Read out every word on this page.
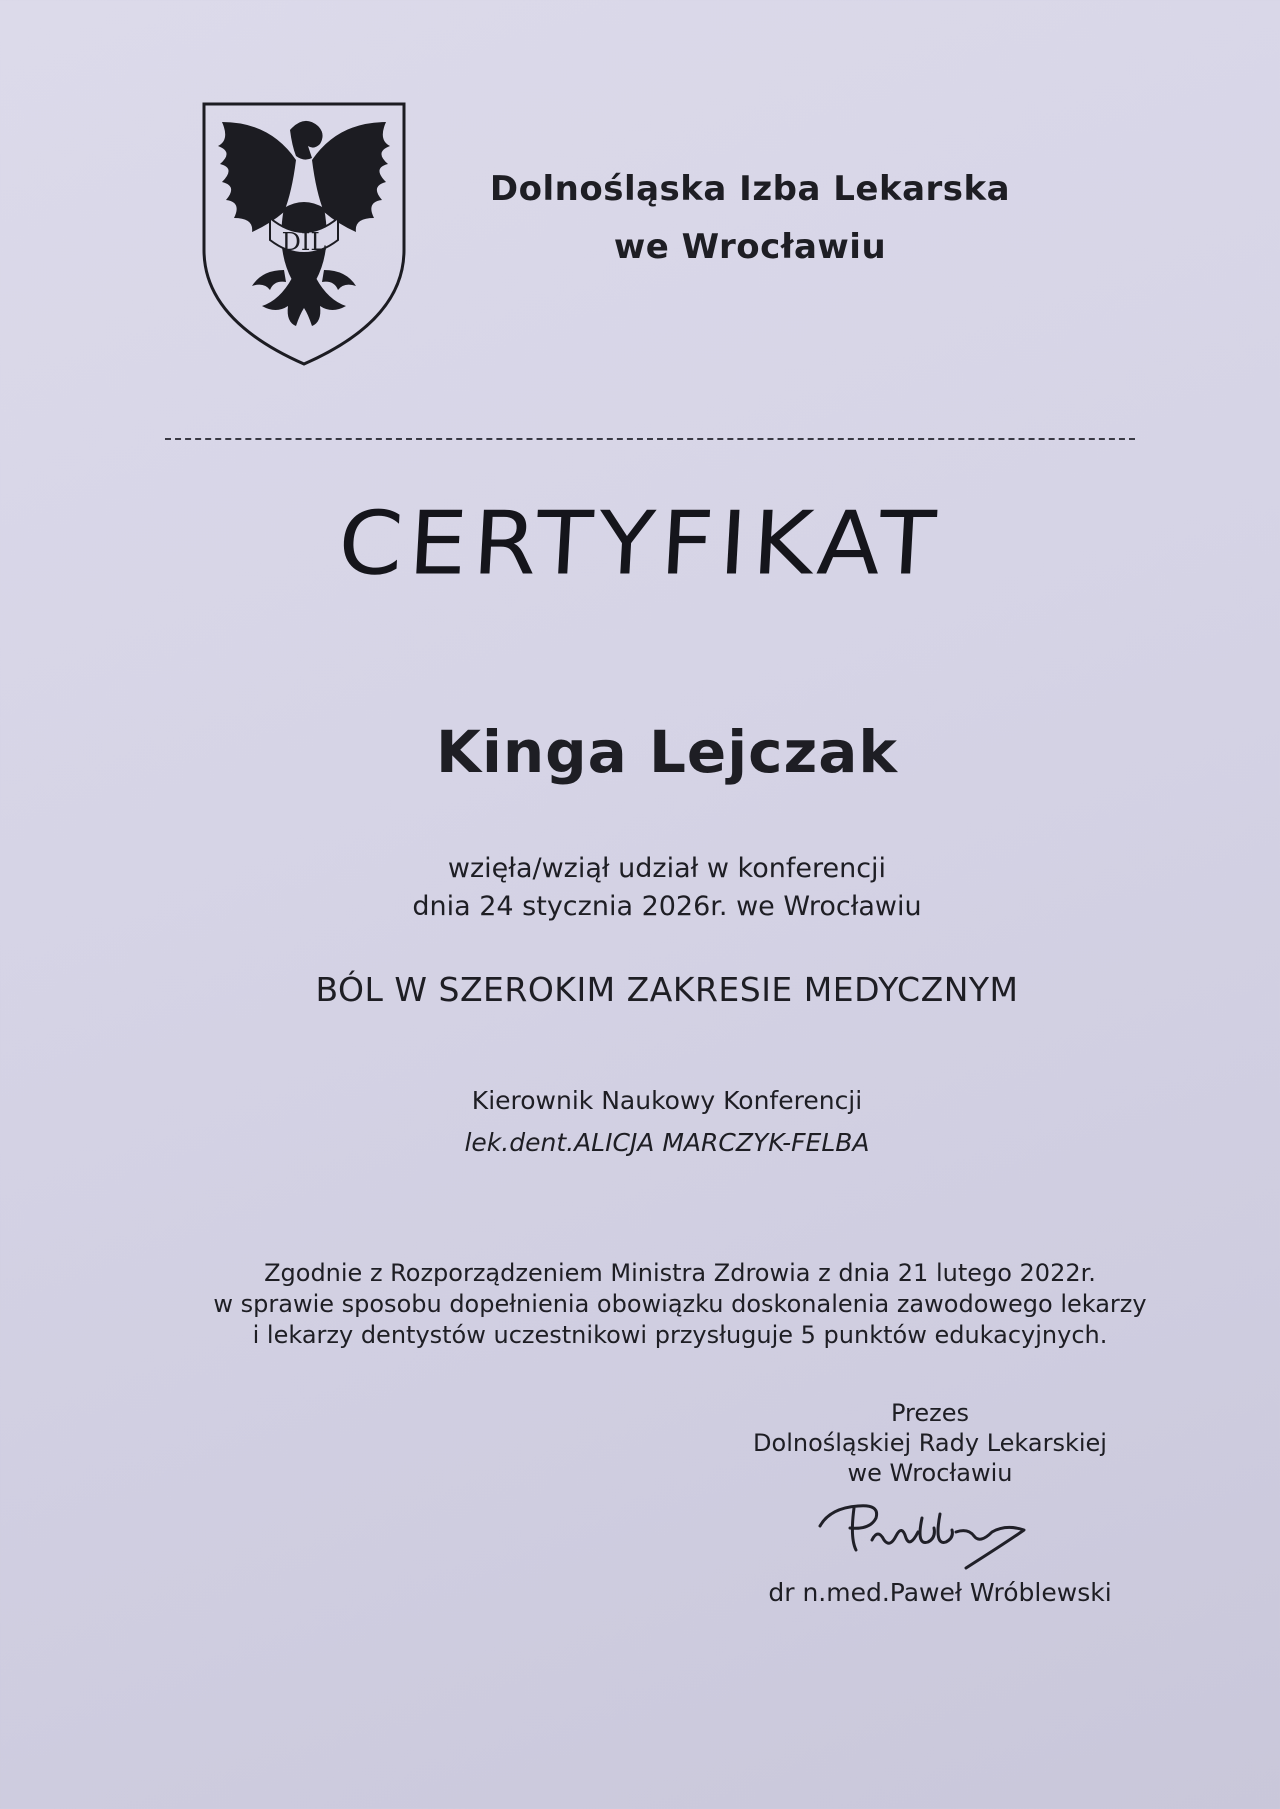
DIL
Dolnośląska Izba Lekarska
we Wrocławiu
CERTYFIKAT
Kinga Lejczak
wzięła/wziął udział w konferencji
dnia 24 stycznia 2026r. we Wrocławiu
BÓL W SZEROKIM ZAKRESIE MEDYCZNYM
Kierownik Naukowy Konferencji
lek.dent.ALICJA MARCZYK-FELBA
Zgodnie z Rozporządzeniem Ministra Zdrowia z dnia 21 lutego 2022r.
w sprawie sposobu dopełnienia obowiązku doskonalenia zawodowego lekarzy
i lekarzy dentystów uczestnikowi przysługuje 5 punktów edukacyjnych.
Prezes
Dolnośląskiej Rady Lekarskiej
we Wrocławiu
dr n.med.Paweł Wróblewski
